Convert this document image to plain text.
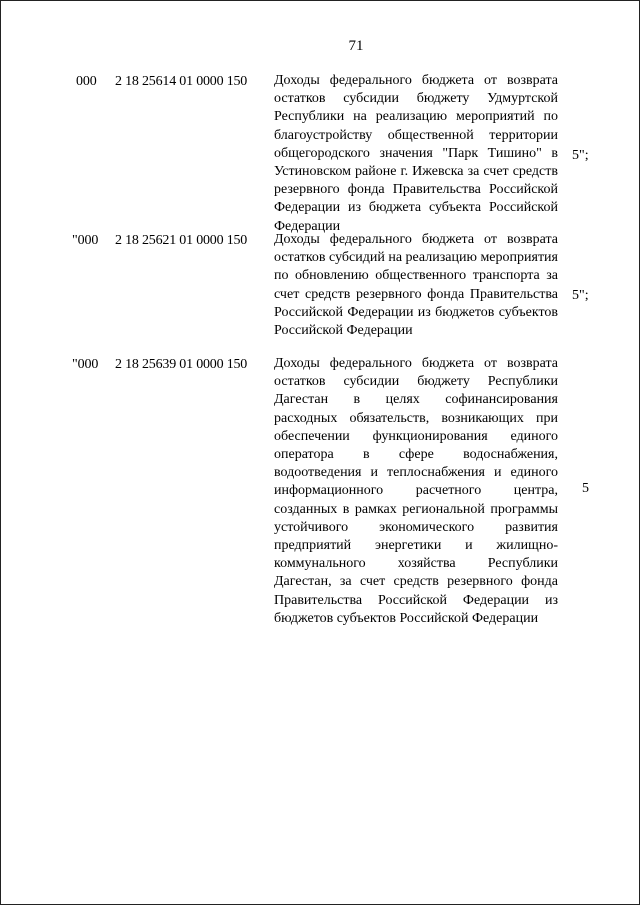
71
000 2 18 25614 01 0000 150 Доходы федерального бюджета от возврата остатков субсидии бюджету Удмуртской Республики на реализацию мероприятий по благоустройству общественной территории общегородского значения "Парк Тишино" в Устиновском районе г. Ижевска за счет средств резервного фонда Правительства Российской Федерации из бюджета субъекта Российской Федерации
5";
"000 2 18 25621 01 0000 150 Доходы федерального бюджета от возврата остатков субсидий на реализацию мероприятия по обновлению общественного транспорта за счет средств резервного фонда Правительства Российской Федерации из бюджетов субъектов Российской Федерации
5";
"000 2 18 25639 01 0000 150 Доходы федерального бюджета от возврата остатков субсидии бюджету Республики Дагестан в целях софинансирования расходных обязательств, возникающих при обеспечении функционирования единого оператора в сфере водоснабжения, водоотведения и теплоснабжения и единого информационного расчетного центра, созданных в рамках региональной программы устойчивого экономического развития предприятий энергетики и жилищно-коммунального хозяйства Республики Дагестан, за счет средств резервного фонда Правительства Российской Федерации из бюджетов субъектов Российской Федерации
5
